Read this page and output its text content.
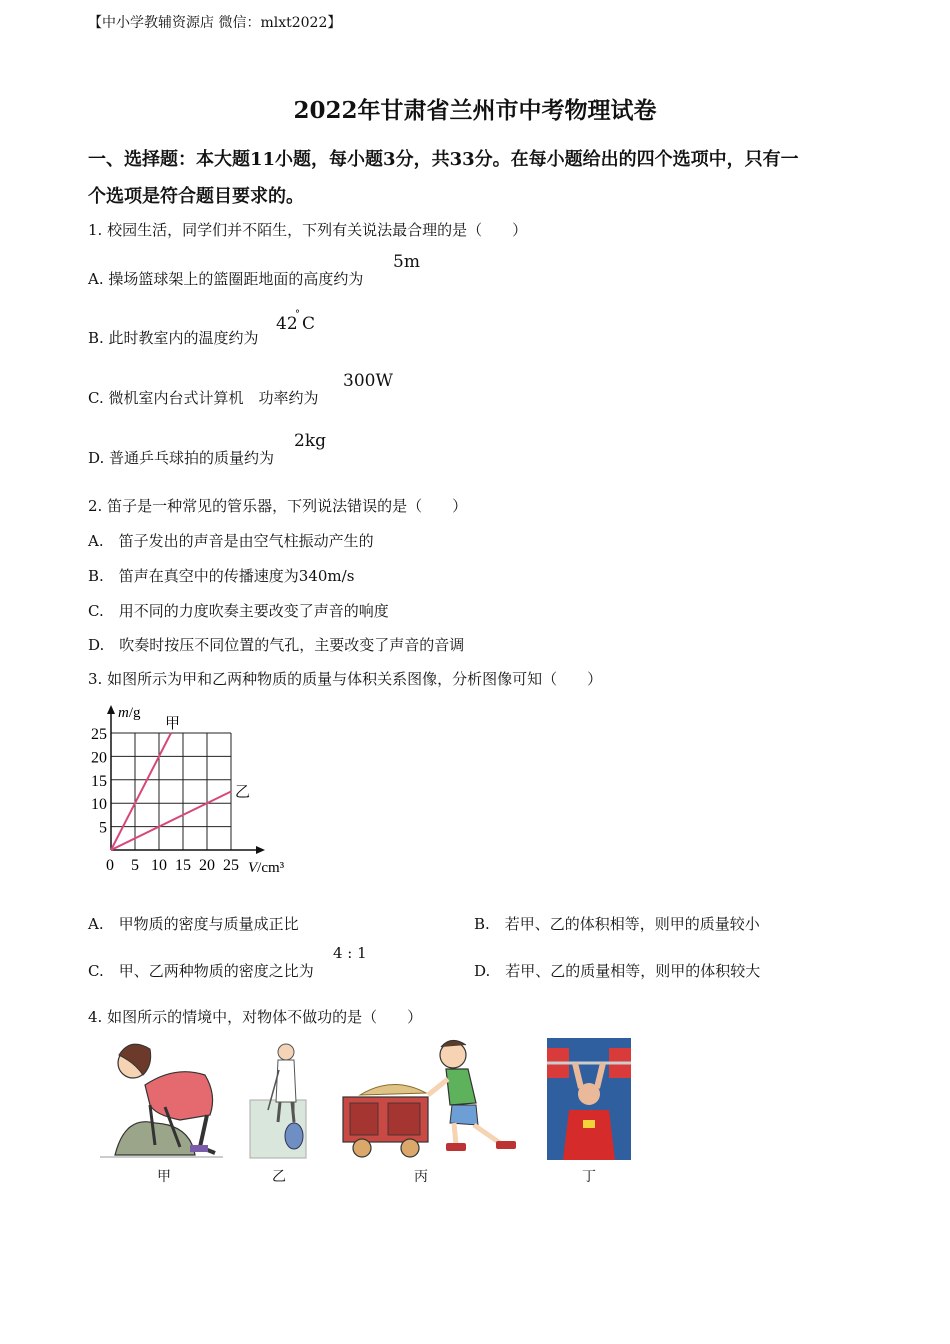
【中小学教辅资源店 微信：mlxt2022】
2022年甘肃省兰州市中考物理试卷
一、选择题：本大题11小题，每小题3分，共33分。在每小题给出的四个选项中，只有一
个选项是符合题目要求的。
1. 校园生活，同学们并不陌生，下列有关说法最合理的是（　　）
A. 操场篮球架上的篮圈距地面的高度约为
5m
B. 此时教室内的温度约为
42
° C
C. 微机室内台式计算机　功率约为
300W
D. 普通乒乓球拍的质量约为
2kg
2. 笛子是一种常见的管乐器，下列说法错误的是（　　）
A.　笛子发出的声音是由空气柱振动产生的
B.　笛声在真空中的传播速度为340m/s
C.　用不同的力度吹奏主要改变了声音的响度
D.　吹奏时按压不同位置的气孔，主要改变了声音的音调
3. 如图所示为甲和乙两种物质的质量与体积关系图像，分析图像可知（　　）
甲
乙
5 10 15 20 25
5
10
15
20
25
m/g
V/cm³
0
A.　甲物质的密度与质量成正比	B.　若甲、乙的体积相等，则甲的质量较小
C.　甲、乙两种物质的密度之比为
4 : 1
D.　若甲、乙的质量相等，则甲的体积较大
4. 如图所示的情境中，对物体不做功的是（　　）
甲	乙	丙	丁
